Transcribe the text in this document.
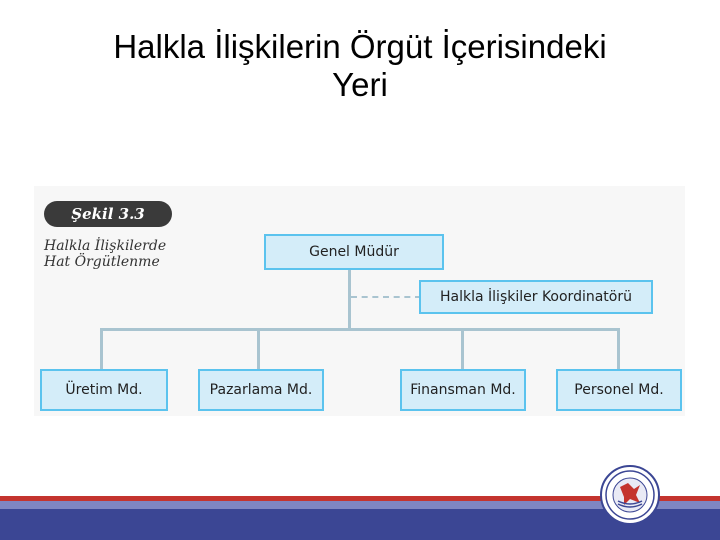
Halkla İlişkilerin Örgüt İçerisindeki
Yeri
Şekil 3.3
Halkla İlişkilerde
Hat Örgütlenme
Genel Müdür
Halkla İlişkiler Koordinatörü
Üretim Md.	Pazarlama Md.	Finansman Md.	Personel Md.
